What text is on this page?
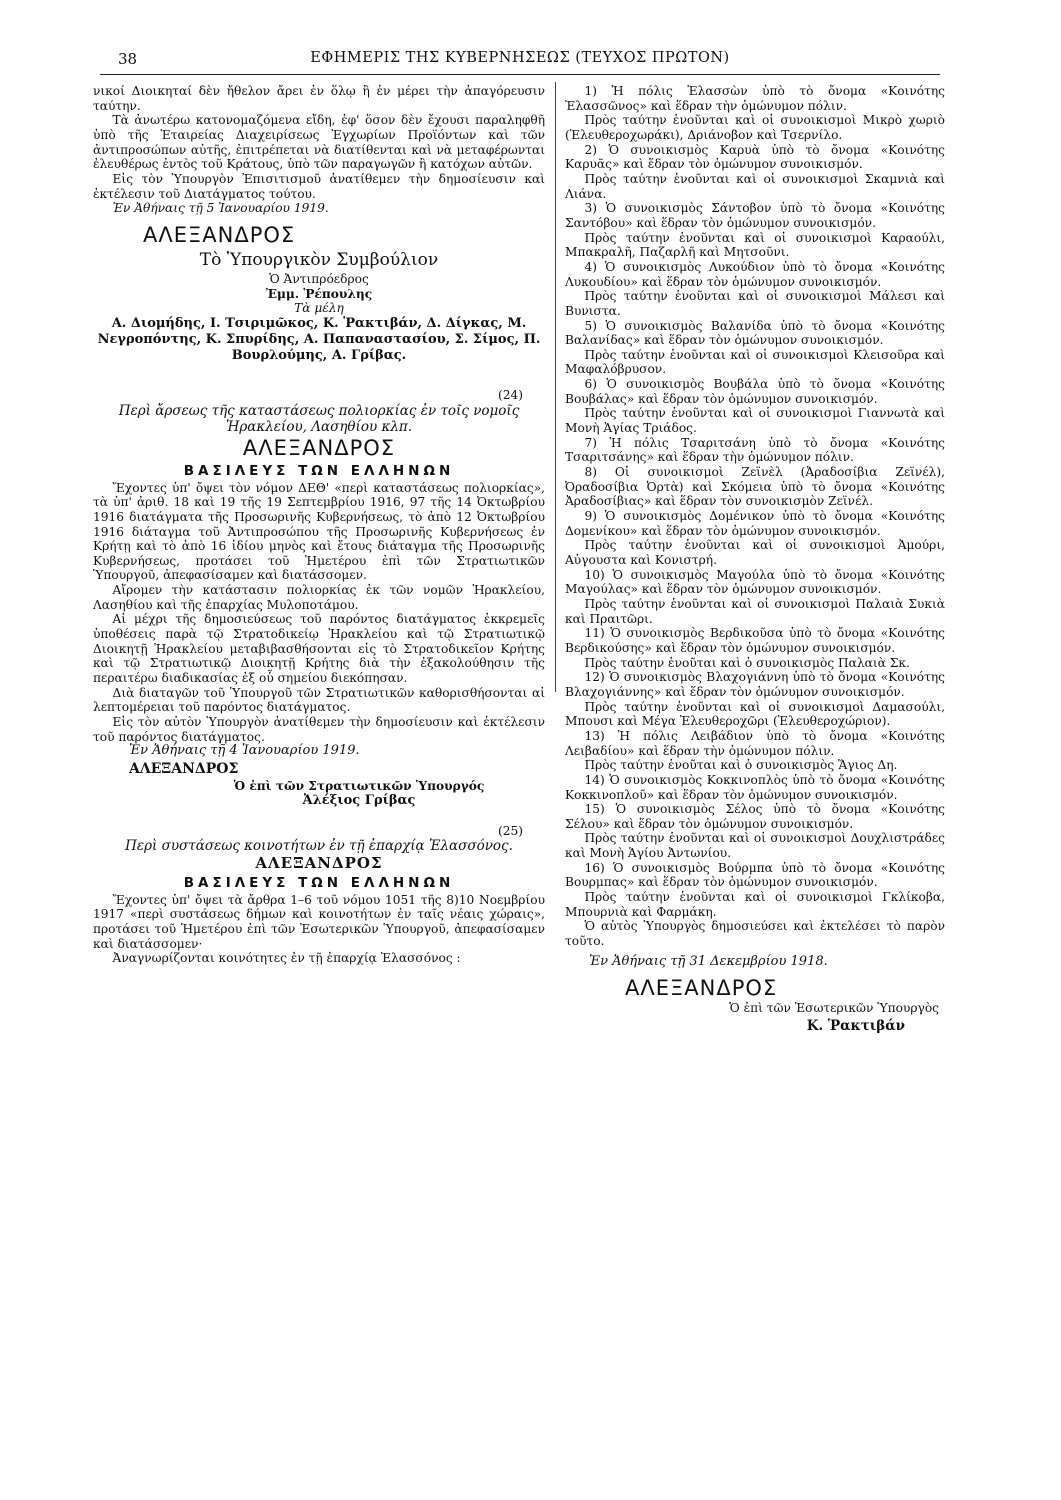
38	ΕΦΗΜΕΡΙΣ ΤΗΣ ΚΥΒΕΡΝΗΣΕΩΣ (ΤΕΥΧΟΣ ΠΡΩΤΟΝ)

νικοί Διοικηταί δὲν ἤθελον ἄρει ἐν ὅλῳ ἢ ἐν μέρει τὴν ἀπαγόρευσιν ταύτην.

Τὰ ἀνωτέρω κατονομαζόμενα εἴδη, ἐφ' ὅσον δὲν ἔχουσι παραληφθῆ ὑπὸ τῆς Ἑταιρείας Διαχειρίσεως Ἐγχωρίων Προϊόντων καὶ τῶν ἀντιπροσώπων αὐτῆς, ἐπιτρέπεται νὰ διατίθενται καὶ νὰ μεταφέρωνται ἐλευθέρως ἐντὸς τοῦ Κράτους, ὑπὸ τῶν παραγωγῶν ἢ κατόχων αὐτῶν.

Εἰς τὸν Ὑπουργὸν Ἐπισιτισμοῦ ἀνατίθεμεν τὴν δημοσίευσιν καὶ ἐκτέλεσιν τοῦ Διατάγματος τούτου.

Ἐν Ἀθήναις τῇ 5 Ἰανουαρίου 1919.

ΑΛΕΞΑΝΔΡΟΣ

Τὸ Ὑπουργικὸν Συμβούλιον

Ὁ Ἀντιπρόεδρος

Ἐμμ. Ῥέπουλης

Τὰ μέλη

Α. Διομήδης, Ι. Τσιριμῶκος, Κ. Ῥακτιβάν, Δ. Δίγκας, Μ. Νεγροπόντης, Κ. Σπυρίδης, Α. Παπαναστασίου, Σ. Σίμος, Π. Βουρλούμης, Α. Γρίβας.

(24)

Περὶ ἄρσεως τῆς καταστάσεως πολιορκίας ἐν τοῖς νομοῖς Ἡρακλείου, Λασηθίου κλπ.

ΑΛΕΞΑΝΔΡΟΣ

ΒΑΣΙΛΕΥΣ ΤΩΝ ΕΛΛΗΝΩΝ

Ἔχοντες ὑπ' ὄψει τὸν νόμον ΔΕΘ' «περὶ καταστάσεως πολιορκίας», τὰ ὑπ' ἀριθ. 18 καὶ 19 τῆς 19 Σεπτεμβρίου 1916, 97 τῆς 14 Ὀκτωβρίου 1916 διατάγματα τῆς Προσωρινῆς Κυβερνήσεως, τὸ ἀπὸ 12 Ὀκτωβρίου 1916 διάταγμα τοῦ Ἀντιπροσώπου τῆς Προσωρινῆς Κυβερνήσεως ἐν Κρήτῃ καὶ τὸ ἀπὸ 16 ἰδίου μηνὸς καὶ ἔτους διάταγμα τῆς Προσωρινῆς Κυβερνήσεως, προτάσει τοῦ Ἡμετέρου ἐπὶ τῶν Στρατιωτικῶν Ὑπουργοῦ, ἀπεφασίσαμεν καὶ διατάσσομεν.

Αἴρομεν τὴν κατάστασιν πολιορκίας ἐκ τῶν νομῶν Ἡρακλείου, Λασηθίου καὶ τῆς ἐπαρχίας Μυλοποτάμου.

Αἱ μέχρι τῆς δημοσιεύσεως τοῦ παρόντος διατάγματος ἐκκρεμεῖς ὑποθέσεις παρὰ τῷ Στρατοδικείῳ Ἡρακλείου καὶ τῷ Στρατιωτικῷ Διοικητῇ Ἡρακλείου μεταβιβασθήσονται εἰς τὸ Στρατοδικεῖον Κρήτης καὶ τῷ Στρατιωτικῷ Διοικητῇ Κρήτης διὰ τὴν ἐξακολούθησιν τῆς περαιτέρω διαδικασίας ἐξ οὗ σημείου διεκόπησαν.

Διὰ διαταγῶν τοῦ Ὑπουργοῦ τῶν Στρατιωτικῶν καθορισθήσονται αἱ λεπτομέρειαι τοῦ παρόντος διατάγματος.

Εἰς τὸν αὐτὸν Ὑπουργὸν ἀνατίθεμεν τὴν δημοσίευσιν καὶ ἐκτέλεσιν τοῦ παρόντος διατάγματος.

Ἐν Ἀθήναις τῇ 4 Ἰανουαρίου 1919.

ΑΛΕΞΑΝΔΡΟΣ

Ὁ ἐπὶ τῶν Στρατιωτικῶν Ὑπουργός

Ἀλέξιος Γρίβας

(25)

Περὶ συστάσεως κοινοτήτων ἐν τῇ ἐπαρχίᾳ Ἐλασσόνος.

ΑΛΕΞΑΝΔΡΟΣ

ΒΑΣΙΛΕΥΣ ΤΩΝ ΕΛΛΗΝΩΝ

Ἔχοντες ὑπ' ὄψει τὰ ἄρθρα 1–6 τοῦ νόμου 1051 τῆς 8)10 Νοεμβρίου 1917 «περὶ συστάσεως δήμων καὶ κοινοτήτων ἐν ταῖς νέαις χώραις», προτάσει τοῦ Ἡμετέρου ἐπὶ τῶν Ἐσωτερικῶν Ὑπουργοῦ, ἀπεφασίσαμεν καὶ διατάσσομεν·

Ἀναγνωρίζονται κοινότητες ἐν τῇ ἐπαρχίᾳ Ἐλασσόνος :

1) Ἡ πόλις Ἐλασσὼν ὑπὸ τὸ ὄνομα «Κοινότης Ἐλασσῶνος» καὶ ἕδραν τὴν ὁμώνυμον πόλιν.

Πρὸς ταύτην ἑνοῦνται καὶ οἱ συνοικισμοὶ Μικρὸ χωριὸ (Ἐλευθεροχωράκι), Δριάνοβον καὶ Τσερνίλο.

2) Ὁ συνοικισμὸς Καρυὰ ὑπὸ τὸ ὄνομα «Κοινότης Καρυᾶς» καὶ ἕδραν τὸν ὁμώνυμον συνοικισμόν.

Πρὸς ταύτην ἑνοῦνται καὶ οἱ συνοικισμοὶ Σκαμνιὰ καὶ Λιάνα.

3) Ὁ συνοικισμὸς Σάντοβον ὑπὸ τὸ ὄνομα «Κοινότης Σαντόβου» καὶ ἕδραν τὸν ὁμώνυμον συνοικισμόν.

Πρὸς ταύτην ἑνοῦνται καὶ οἱ συνοικισμοὶ Καραούλι, Μπακραλῆ, Παζαρλῆ καὶ Μητσοῦνι.

4) Ὁ συνοικισμὸς Λυκούδιον ὑπὸ τὸ ὄνομα «Κοινότης Λυκουδίου» καὶ ἕδραν τὸν ὁμώνυμον συνοικισμόν.

Πρὸς ταύτην ἑνοῦνται καὶ οἱ συνοικισμοὶ Μάλεσι καὶ Βυνιστα.

5) Ὁ συνοικισμὸς Βαλανίδα ὑπὸ τὸ ὄνομα «Κοινότης Βαλανίδας» καὶ ἕδραν τὸν ὁμώνυμον συνοικισμόν.

Πρὸς ταύτην ἑνοῦνται καὶ οἱ συνοικισμοὶ Κλεισοῦρα καὶ Μαφαλόβρυσον.

6) Ὁ συνοικισμὸς Βουβάλα ὑπὸ τὸ ὄνομα «Κοινότης Βουβάλας» καὶ ἕδραν τὸν ὁμώνυμον συνοικισμόν.

Πρὸς ταύτην ἑνοῦνται καὶ οἱ συνοικισμοὶ Γιαννωτὰ καὶ Μονὴ Ἁγίας Τριάδος.

7) Ἡ πόλις Τσαριτσάνη ὑπὸ τὸ ὄνομα «Κοινότης Τσαριτσάνης» καὶ ἕδραν τὴν ὁμώνυμον πόλιν.

8) Οἱ συνοικισμοὶ Ζεϊνὲλ (Ἀραδοσίβια Ζεϊνέλ), Ὀραδοσίβια Ὀρτὰ) καὶ Σκόμεια ὑπὸ τὸ ὄνομα «Κοινότης Ἀραδοσίβιας» καὶ ἕδραν τὸν συνοικισμὸν Ζεϊνέλ.

9) Ὁ συνοικισμὸς Δομένικον ὑπὸ τὸ ὄνομα «Κοινότης Δομενίκου» καὶ ἕδραν τὸν ὁμώνυμον συνοικισμόν.

Πρὸς ταύτην ἑνοῦνται καὶ οἱ συνοικισμοὶ Ἀμούρι, Αὐγουστα καὶ Κονιστρή.

10) Ὁ συνοικισμὸς Μαγούλα ὑπὸ τὸ ὄνομα «Κοινότης Μαγούλας» καὶ ἕδραν τὸν ὁμώνυμον συνοικισμόν.

Πρὸς ταύτην ἑνοῦνται καὶ οἱ συνοικισμοὶ Παλαιὰ Συκιὰ καὶ Πραιτῶρι.

11) Ὁ συνοικισμὸς Βερδικοῦσα ὑπὸ τὸ ὄνομα «Κοινότης Βερδικούσης» καὶ ἕδραν τὸν ὁμώνυμον συνοικισμόν.

Πρὸς ταύτην ἑνοῦται καὶ ὁ συνοικισμὸς Παλαιὰ Σκ.

12) Ὁ συνοικισμὸς Βλαχογιάννη ὑπὸ τὸ ὄνομα «Κοινότης Βλαχογιάννης» καὶ ἕδραν τὸν ὁμώνυμον συνοικισμόν.

Πρὸς ταύτην ἑνοῦνται καὶ οἱ συνοικισμοὶ Δαμασούλι, Μπουσι καὶ Μέγα Ἐλευθεροχῶρι (Ἐλευθεροχώριον).

13) Ἡ πόλις Λειβάδιον ὑπὸ τὸ ὄνομα «Κοινότης Λειβαδίου» καὶ ἕδραν τὴν ὁμώνυμον πόλιν.

Πρὸς ταύτην ἑνοῦται καὶ ὁ συνοικισμὸς Ἅγιος Δη.

14) Ὁ συνοικισμὸς Κοκκινοπλὸς ὑπὸ τὸ ὄνομα «Κοινότης Κοκκινοπλοῦ» καὶ ἕδραν τὸν ὁμώνυμον συνοικισμόν.

15) Ὁ συνοικισμὸς Σέλος ὑπὸ τὸ ὄνομα «Κοινότης Σέλου» καὶ ἕδραν τὸν ὁμώνυμον συνοικισμόν.

Πρὸς ταύτην ἑνοῦνται καὶ οἱ συνοικισμοὶ Δουχλιστράδες καὶ Μονὴ Ἁγίου Ἀντωνίου.

16) Ὁ συνοικισμὸς Βούρμπα ὑπὸ τὸ ὄνομα «Κοινότης Βουρμπας» καὶ ἕδραν τὸν ὁμώνυμον συνοικισμόν.

Πρὸς ταύτην ἑνοῦνται καὶ οἱ συνοικισμοὶ Γκλίκοβα, Μπουρνιὰ καὶ Φαρμάκη.

Ὁ αὐτὸς Ὑπουργὸς δημοσιεύσει καὶ ἐκτελέσει τὸ παρὸν τοῦτο.

Ἐν Ἀθήναις τῇ 31 Δεκεμβρίου 1918.

ΑΛΕΞΑΝΔΡΟΣ

Ὁ ἐπὶ τῶν Ἐσωτερικῶν Ὑπουργὸς

Κ. Ῥακτιβάν
